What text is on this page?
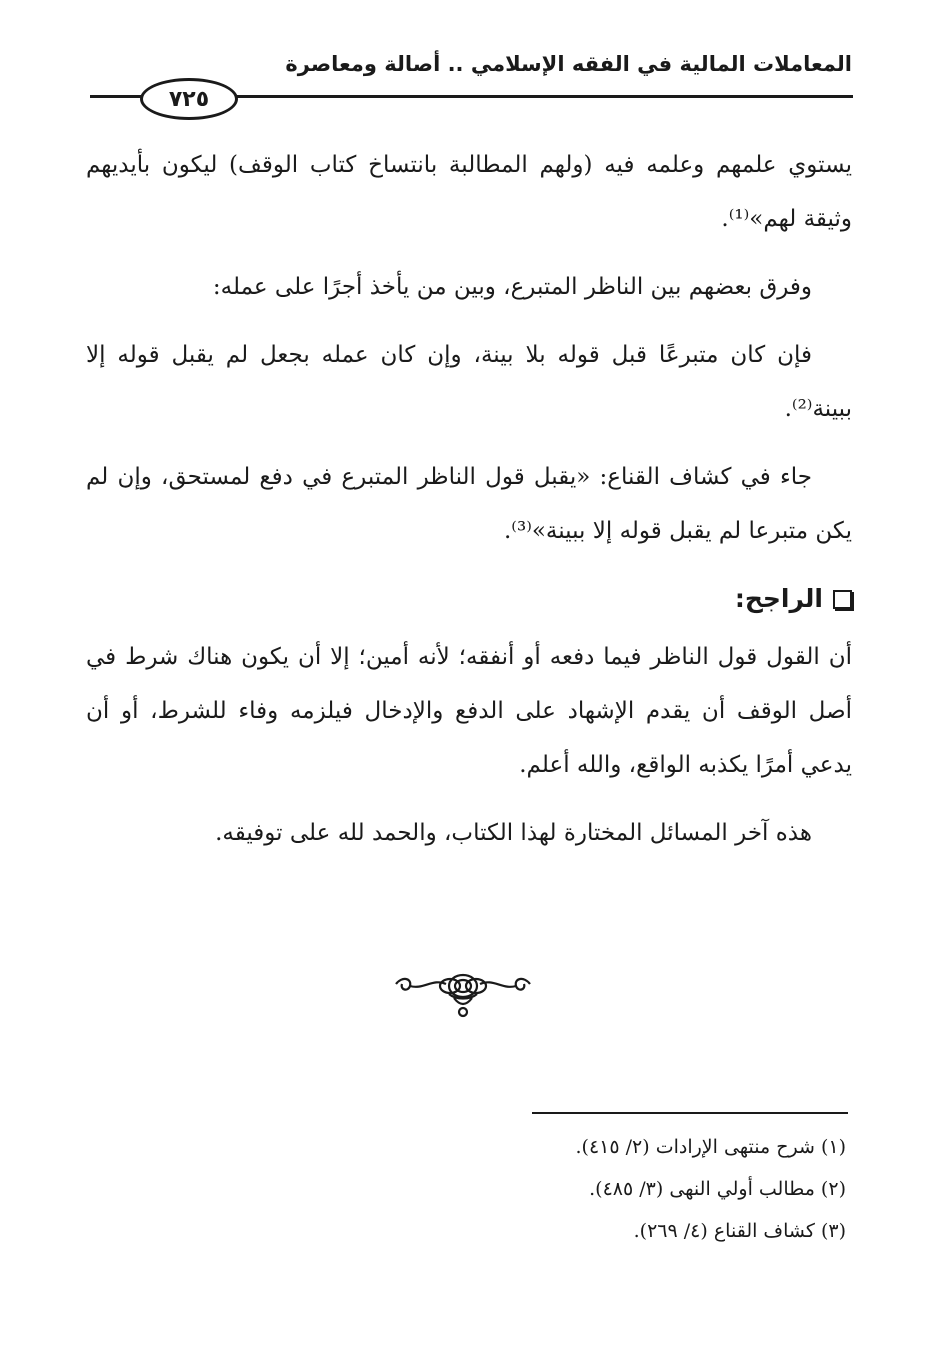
المعاملات المالية في الفقه الإسلامي .. أصالة ومعاصرة
٧٢٥

يستوي علمهم وعلمه فيه (ولهم المطالبة بانتساخ كتاب الوقف) ليكون بأيديهم وثيقة لهم»⁽¹⁾.

وفرق بعضهم بين الناظر المتبرع، وبين من يأخذ أجرًا على عمله:

فإن كان متبرعًا قبل قوله بلا بينة، وإن كان عمله بجعل لم يقبل قوله إلا ببينة⁽²⁾.

جاء في كشاف القناع: «يقبل قول الناظر المتبرع في دفع لمستحق، وإن لم يكن متبرعا لم يقبل قوله إلا ببينة»⁽³⁾.

الراجح:

أن القول قول الناظر فيما دفعه أو أنفقه؛ لأنه أمين؛ إلا أن يكون هناك شرط في أصل الوقف أن يقدم الإشهاد على الدفع والإدخال فيلزمه وفاء للشرط، أو أن يدعي أمرًا يكذبه الواقع، والله أعلم.

هذه آخر المسائل المختارة لهذا الكتاب، والحمد لله على توفيقه.

(١) شرح منتهى الإرادات (٢/ ٤١٥).
(٢) مطالب أولي النهى (٣/ ٤٨٥).
(٣) كشاف القناع (٤/ ٢٦٩).
